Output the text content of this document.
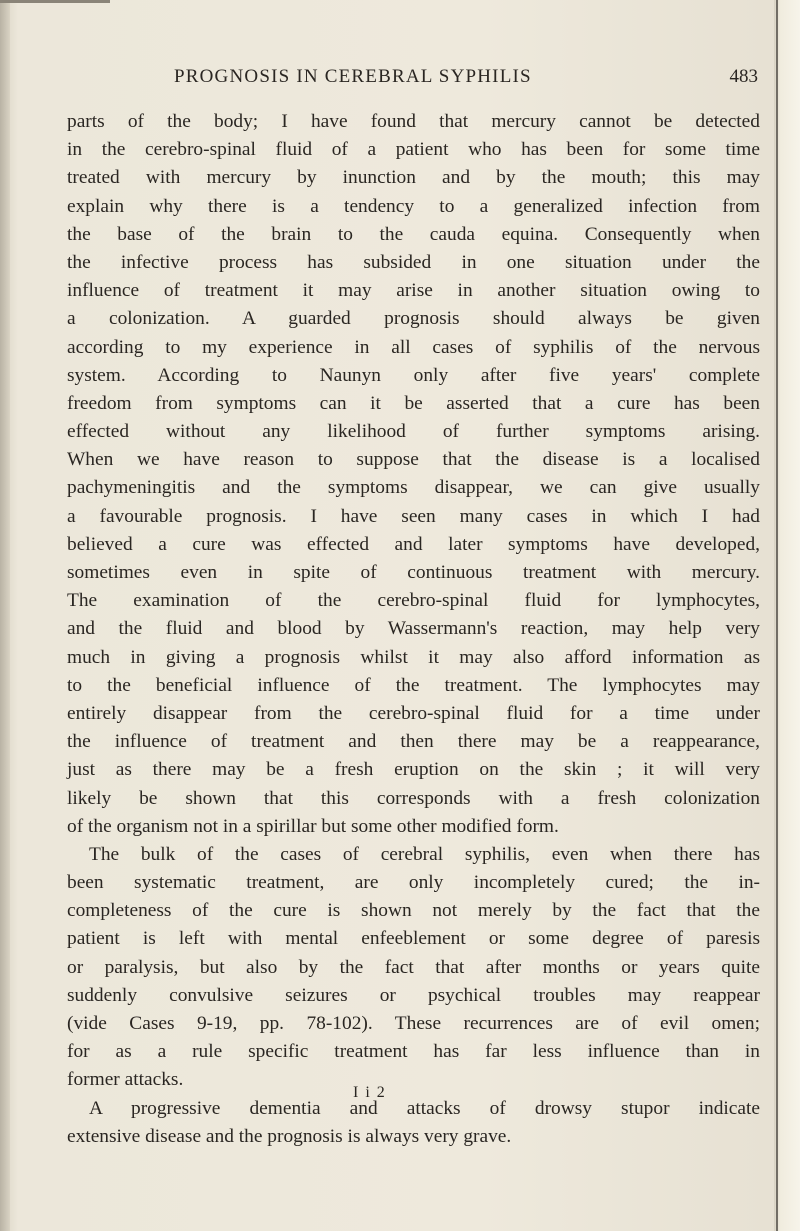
PROGNOSIS IN CEREBRAL SYPHILIS	483
parts of the body; I have found that mercury cannot be detected
in the cerebro-spinal fluid of a patient who has been for some time
treated with mercury by inunction and by the mouth; this may
explain why there is a tendency to a generalized infection from
the base of the brain to the cauda equina. Consequently when
the infective process has subsided in one situation under the
influence of treatment it may arise in another situation owing to
a colonization. A guarded prognosis should always be given
according to my experience in all cases of syphilis of the nervous
system. According to Naunyn only after five years' complete
freedom from symptoms can it be asserted that a cure has been
effected without any likelihood of further symptoms arising.
When we have reason to suppose that the disease is a localised
pachymeningitis and the symptoms disappear, we can give usually
a favourable prognosis. I have seen many cases in which I had
believed a cure was effected and later symptoms have developed,
sometimes even in spite of continuous treatment with mercury.
The examination of the cerebro-spinal fluid for lymphocytes,
and the fluid and blood by Wassermann's reaction, may help very
much in giving a prognosis whilst it may also afford information as
to the beneficial influence of the treatment. The lymphocytes may
entirely disappear from the cerebro-spinal fluid for a time under
the influence of treatment and then there may be a reappearance,
just as there may be a fresh eruption on the skin ; it will very
likely be shown that this corresponds with a fresh colonization
of the organism not in a spirillar but some other modified form.
The bulk of the cases of cerebral syphilis, even when there has
been systematic treatment, are only incompletely cured; the in-
completeness of the cure is shown not merely by the fact that the
patient is left with mental enfeeblement or some degree of paresis
or paralysis, but also by the fact that after months or years quite
suddenly convulsive seizures or psychical troubles may reappear
(vide Cases 9-19, pp. 78-102). These recurrences are of evil omen;
for as a rule specific treatment has far less influence than in
former attacks.
A progressive dementia and attacks of drowsy stupor indicate
extensive disease and the prognosis is always very grave.
I i 2
